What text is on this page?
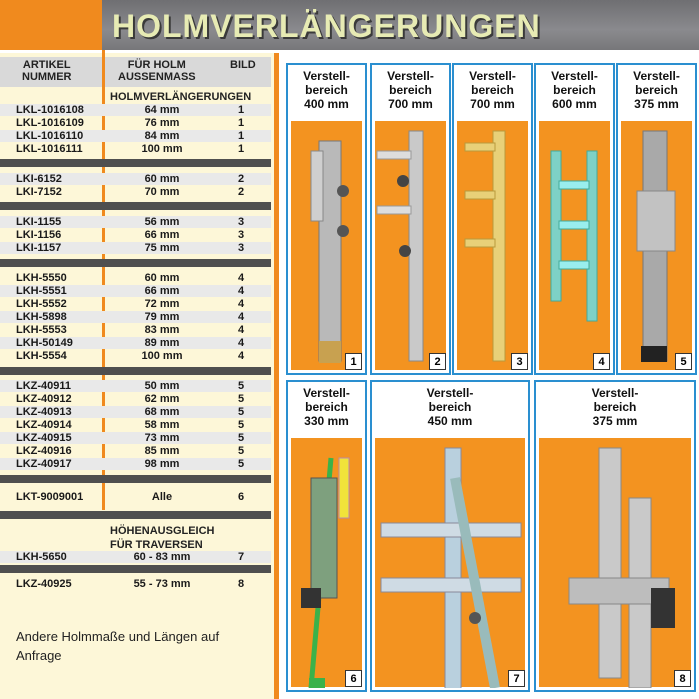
HOLMVERLÄNGERUNGEN
ARTIKEL
NUMMER
FÜR HOLM
AUSSENMASS
BILD
HOLMVERLÄNGERUNGEN
LKL-1016108	64 mm	1
LKL-1016109	76 mm	1
LKL-1016110	84 mm	1
LKL-1016111	100 mm	1
LKI-6152	60 mm	2
LKI-7152	70 mm	2
LKI-1155	56 mm	3
LKI-1156	66 mm	3
LKI-1157	75 mm	3
LKH-5550	60 mm	4
LKH-5551	66 mm	4
LKH-5552	72 mm	4
LKH-5898	79 mm	4
LKH-5553	83 mm	4
LKH-50149	89 mm	4
LKH-5554	100 mm	4
LKZ-40911	50 mm	5
LKZ-40912	62 mm	5
LKZ-40913	68 mm	5
LKZ-40914	58 mm	5
LKZ-40915	73 mm	5
LKZ-40916	85 mm	5
LKZ-40917	98 mm	5
LKT-9009001	Alle	6
LKH-5650	60 - 83 mm	7
LKZ-40925	55 - 73 mm	8
HÖHENAUSGLEICH
FÜR TRAVERSEN
Andere Holmmaße und Längen auf Anfrage
Verstell-
bereich
400 mm
1
Verstell-
bereich
700 mm
2
Verstell-
bereich
700 mm
3
Verstell-
bereich
600 mm
4
Verstell-
bereich
375 mm
5
Verstell-
bereich
330 mm
6
Verstell-
bereich
450 mm
7
Verstell-
bereich
375 mm
8
